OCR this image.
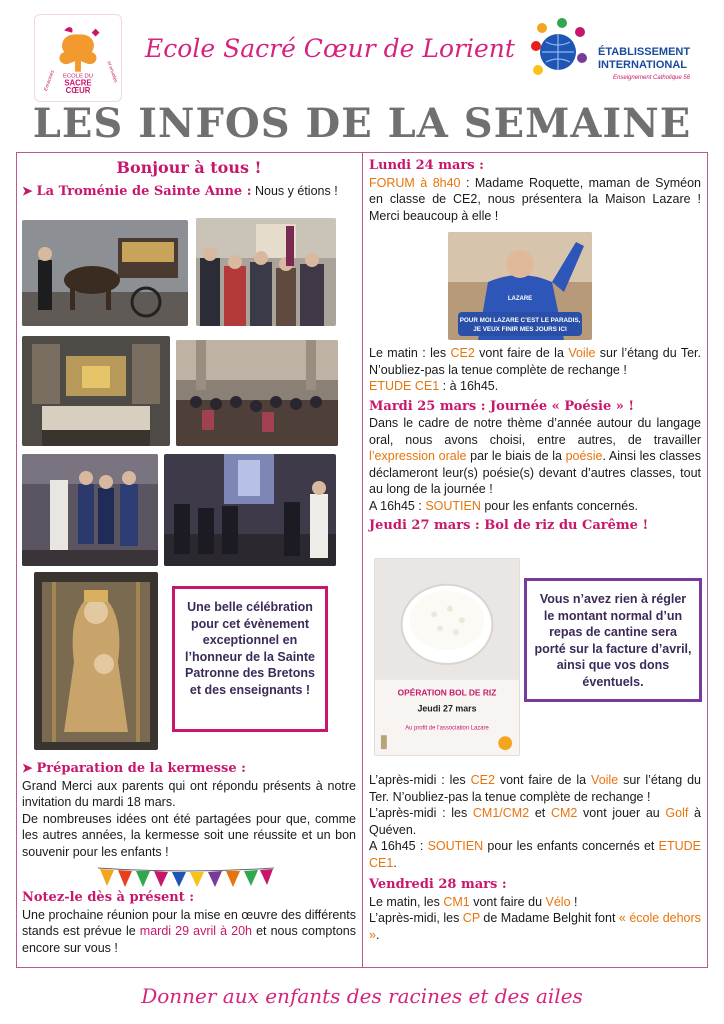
ECOLE DU
SACRE
CŒUR
Enracinés	et envolés
Ecole Sacré Cœur de Lorient	ÉTABLISSEMENT
INTERNATIONAL
Enseignement Catholique 56
LES INFOS DE LA SEMAINE
Bonjour à tous !
➤ La Troménie de Sainte Anne : Nous y étions !
Une belle célébration pour cet évènement exceptionnel en l’honneur de la Sainte Patronne des Bretons et des enseignants !
➤ Préparation de la kermesse :
Grand Merci aux parents qui ont répondu présents à notre invitation du mardi 18 mars.
De nombreuses idées ont été partagées pour que, comme les autres années, la kermesse soit une réussite et un bon souvenir pour les enfants !
Notez-le dès à présent :
Une prochaine réunion pour la mise en œuvre des différents stands est prévue le mardi 29 avril à 20h et nous comptons encore sur vous !
Lundi 24 mars :
FORUM à 8h40 : Madame Roquette, maman de Syméon en classe de CE2, nous présentera la Maison Lazare ! Merci beaucoup à elle !
LAZARE
POUR MOI LAZARE C’EST LE PARADIS,
JE VEUX FINIR MES JOURS ICI
Le matin : les CE2 vont faire de la Voile sur l’étang du Ter. N’oubliez-pas la tenue complète de rechange !
ETUDE CE1 : à 16h45.
Mardi 25 mars : Journée « Poésie » !
Dans le cadre de notre thème d’année autour du langage oral, nous avons choisi, entre autres, de travailler l’expression orale par le biais de la poésie. Ainsi les classes déclameront leur(s) poésie(s) devant d’autres classes, tout au long de la journée !
A 16h45 : SOUTIEN pour les enfants concernés.
Jeudi 27 mars : Bol de riz du Carême !
OPÉRATION BOL DE RIZ
Jeudi 27 mars
Au profit de l’association Lazare
Vous n’avez rien à régler le montant normal d’un repas de cantine sera porté sur la facture d’avril, ainsi que vos dons éventuels.
L’après-midi : les CE2 vont faire de la Voile sur l’étang du Ter. N’oubliez-pas la tenue complète de rechange !
L’après-midi : les CM1/CM2 et CM2 vont jouer au Golf à Quéven.
A 16h45 : SOUTIEN pour les enfants concernés et ETUDE CE1.
Vendredi 28 mars :
Le matin, les CM1 vont faire du Vélo !
L’après-midi, les CP de Madame Belghit font « école dehors ».
Donner aux enfants des racines et des ailes
